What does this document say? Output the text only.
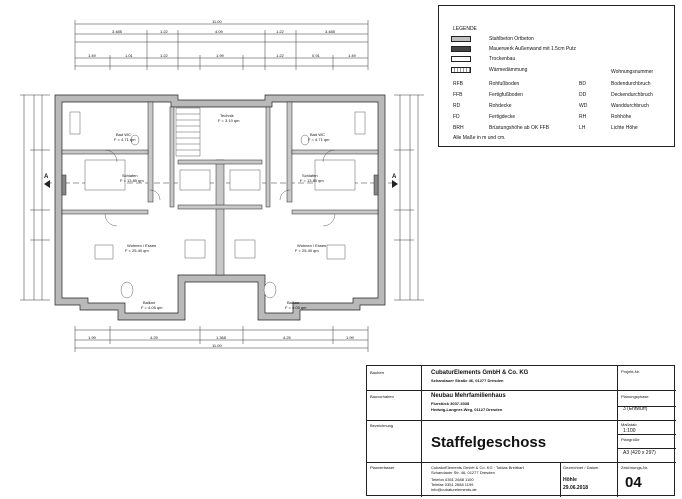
11.00
3.485	1.22	4.09	1.22	3.485
1.49	1.01	1.22	1.99	1.22	0.91	1.49
1.99	4.25	1.365	4.25	1.99
11.00
A	A
Bad WC
F = 4.71 qm
Schlafen
F = 13.80 qm
Technik
F = 3.10 qm
Bad WC
F = 4.71 qm
Schlafen
F = 13.80 qm
Wohnen / Essen
F = 25.40 qm
Wohnen / Essen
F = 25.40 qm
Balkon
F = 4.05 qm
Balkon
F = 4.05 qm
LEGENDE
Stahlbeton Ortbeton
Mauerwerk Außenwand mit 1.5cm Putz
Trockenbau
Wärmedämmung	Wohnungsnummer
RFB	Rohfußboden	BD	Bodendurchbruch
FFB	Fertigfußboden	DD	Deckendurchbruch
RD	Rohdecke	WD	Wanddurchbruch
FD	Fertigdecke	RH	Rohhöhe
BRH	Brüstungshöhe ab OK FFB	LH	Lichte Höhe
Alle Maße in m und cm.
Bauherr	CubaturElements GmbH & Co. KG
Schandauer Straße 46, 01277 Dresden
Projekt-Nr.
Bauvorhaben	Neubau Mehrfamilienhaus
Flurstück 3037-3038
Hedwig-Langner-Weg, 01127 Dresden
Planungsphase
3 (Entwurf)
Maßstab
1:100
Bezeichnung
Staffelgeschoss	Plangröße
A3 (420 x 297)
Planverfasser	CubaturElements GmbH & Co. KG · Tobias Breitbart
Schandauer Str. 46, 01277 Dresden
Telefon 0351 2688 1100
Telefax 0351 2688 1199
info@cubaturelements.de
Gezeichnet / Datum
Höhle
29.06.2018
Zeichnungs-Nr.
04
